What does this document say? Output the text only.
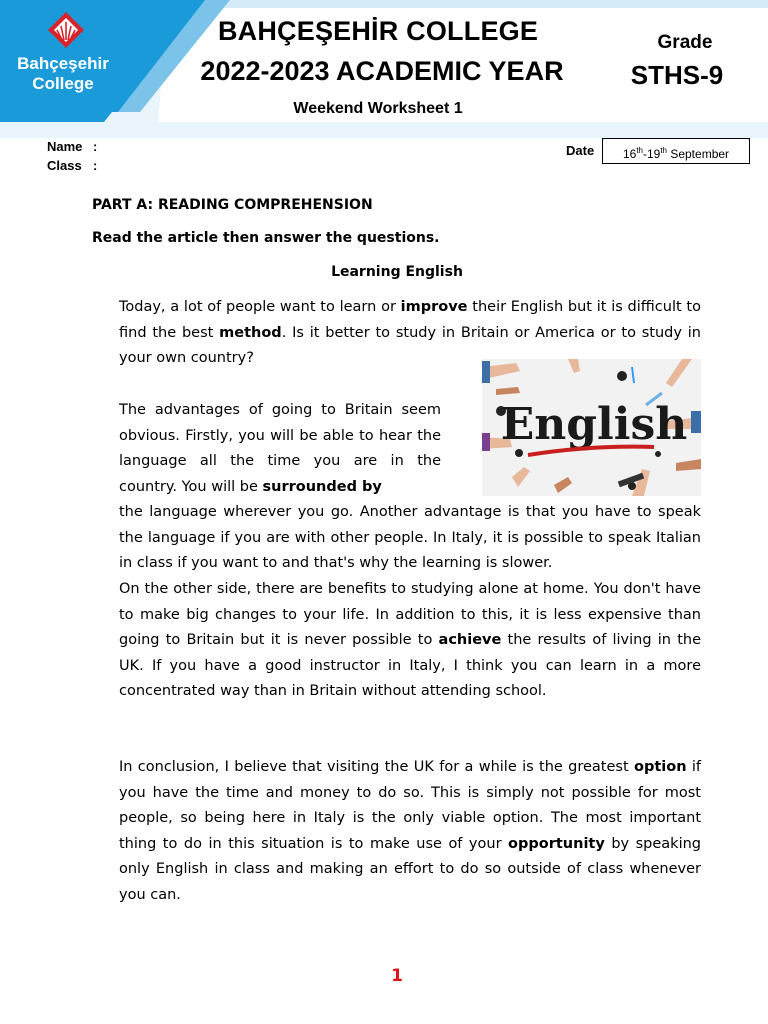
Bahçeşehir
College
BAHÇEŞEHİR COLLEGE
2022-2023 ACADEMIC YEAR
Weekend Worksheet 1
Grade
STHS-9
Name :
Class :
Date	16th-19th September
PART A: READING COMPREHENSION
Read the article then answer the questions.
Learning English
Today, a lot of people want to learn or improve their English but it is difficult to find the best method. Is it better to study in Britain or America or to study in your own country?
English
The advantages of going to Britain seem obvious. Firstly, you will be able to hear the language all the time you are in the country. You will be surrounded by
the language wherever you go. Another advantage is that you have to speak the language if you are with other people. In Italy, it is possible to speak Italian in class if you want to and that's why the learning is slower.
On the other side, there are benefits to studying alone at home. You don't have to make big changes to your life. In addition to this, it is less expensive than going to Britain but it is never possible to achieve the results of living in the UK. If you have a good instructor in Italy, I think you can learn in a more concentrated way than in Britain without attending school.
In conclusion, I believe that visiting the UK for a while is the greatest option if you have the time and money to do so. This is simply not possible for most people, so being here in Italy is the only viable option. The most important thing to do in this situation is to make use of your opportunity by speaking only English in class and making an effort to do so outside of class whenever you can.
1
